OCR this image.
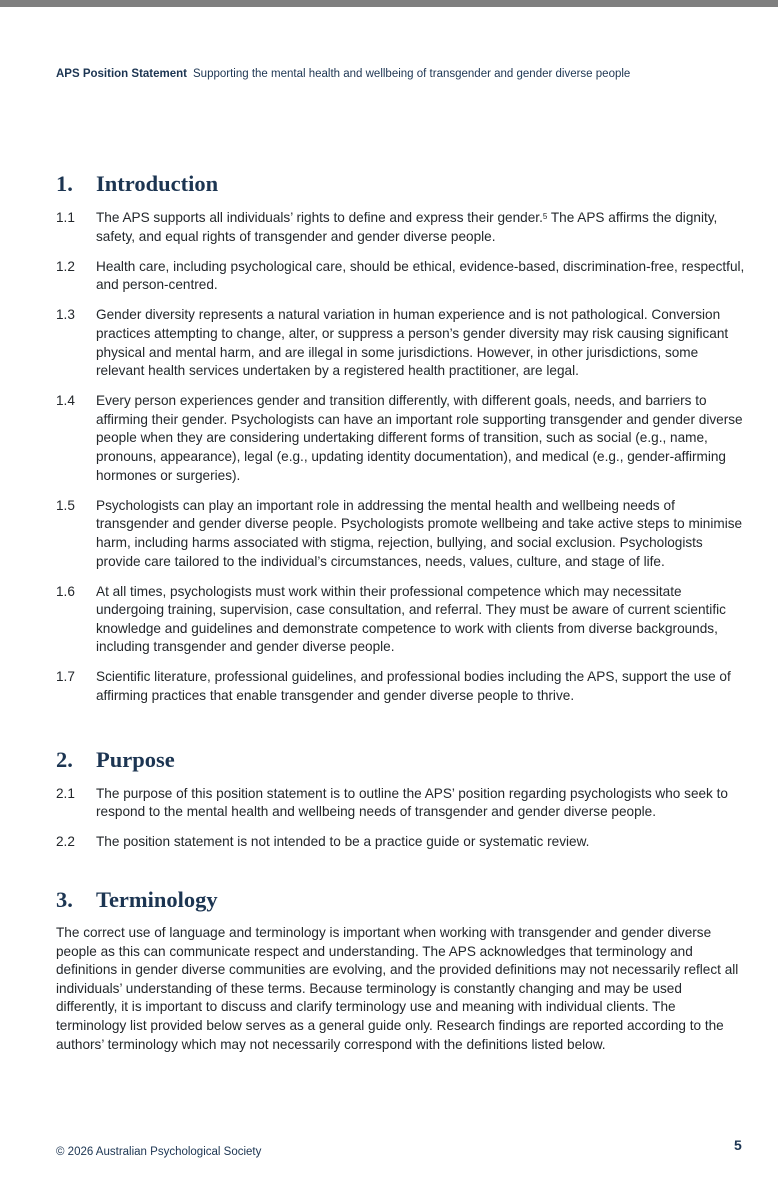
APS Position Statement Supporting the mental health and wellbeing of transgender and gender diverse people
1.	Introduction
1.1	The APS supports all individuals’ rights to define and express their gender.$^5$ The APS affirms the dignity, safety, and equal rights of transgender and gender diverse people.
1.2	Health care, including psychological care, should be ethical, evidence-based, discrimination-free, respectful, and person-centred.
1.3	Gender diversity represents a natural variation in human experience and is not pathological. Conversion practices attempting to change, alter, or suppress a person’s gender diversity may risk causing significant physical and mental harm, and are illegal in some jurisdictions. However, in other jurisdictions, some relevant health services undertaken by a registered health practitioner, are legal.
1.4	Every person experiences gender and transition differently, with different goals, needs, and barriers to affirming their gender. Psychologists can have an important role supporting transgender and gender diverse people when they are considering undertaking different forms of transition, such as social (e.g., name, pronouns, appearance), legal (e.g., updating identity documentation), and medical (e.g., gender-affirming hormones or surgeries).
1.5	Psychologists can play an important role in addressing the mental health and wellbeing needs of transgender and gender diverse people. Psychologists promote wellbeing and take active steps to minimise harm, including harms associated with stigma, rejection, bullying, and social exclusion. Psychologists provide care tailored to the individual’s circumstances, needs, values, culture, and stage of life.
1.6	At all times, psychologists must work within their professional competence which may necessitate undergoing training, supervision, case consultation, and referral. They must be aware of current scientific knowledge and guidelines and demonstrate competence to work with clients from diverse backgrounds, including transgender and gender diverse people.
1.7	Scientific literature, professional guidelines, and professional bodies including the APS, support the use of affirming practices that enable transgender and gender diverse people to thrive.
2.	Purpose
2.1	The purpose of this position statement is to outline the APS’ position regarding psychologists who seek to respond to the mental health and wellbeing needs of transgender and gender diverse people.
2.2	The position statement is not intended to be a practice guide or systematic review.
3.	Terminology
The correct use of language and terminology is important when working with transgender and gender diverse people as this can communicate respect and understanding. The APS acknowledges that terminology and definitions in gender diverse communities are evolving, and the provided definitions may not necessarily reflect all individuals’ understanding of these terms. Because terminology is constantly changing and may be used differently, it is important to discuss and clarify terminology use and meaning with individual clients. The terminology list provided below serves as a general guide only. Research findings are reported according to the authors’ terminology which may not necessarily correspond with the definitions listed below.
© 2026 Australian Psychological Society	5
